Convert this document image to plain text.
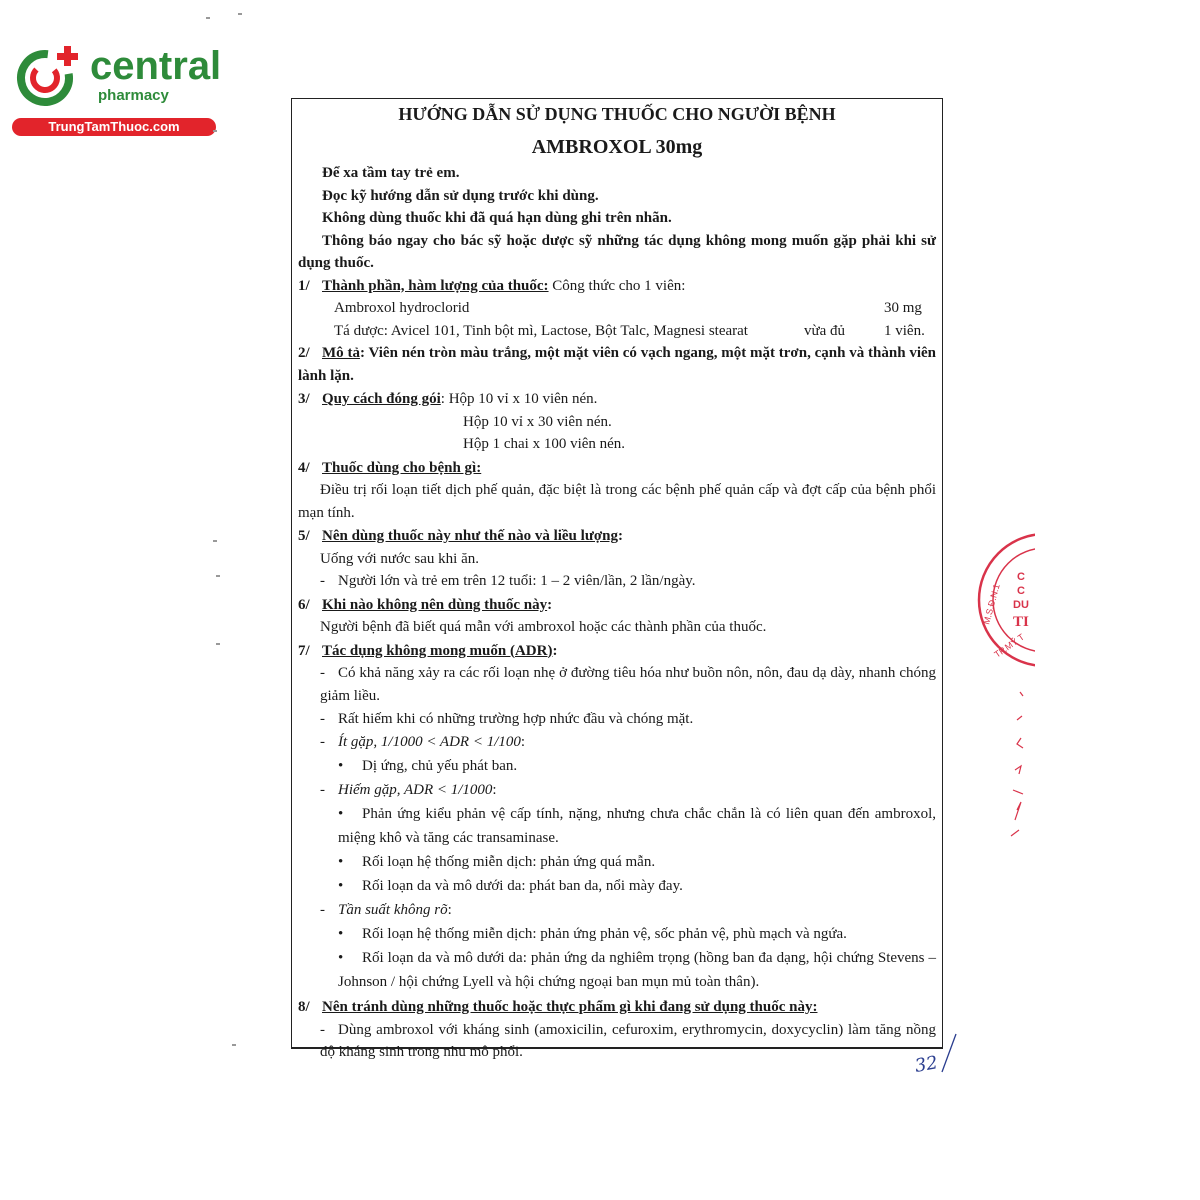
central
pharmacy
TrungTamThuoc.com
HƯỚNG DẪN SỬ DỤNG THUỐC CHO NGƯỜI BỆNH
AMBROXOL 30mg
Để xa tầm tay trẻ em.
Đọc kỹ hướng dẫn sử dụng trước khi dùng.
Không dùng thuốc khi đã quá hạn dùng ghi trên nhãn.
Thông báo ngay cho bác sỹ hoặc dược sỹ những tác dụng không mong muốn gặp phải khi sử dụng thuốc.
1/ Thành phần, hàm lượng của thuốc: Công thức cho 1 viên:
Ambroxol hydroclorid	30 mg
Tá dược: Avicel 101, Tinh bột mì, Lactose, Bột Talc, Magnesi stearat	vừa đủ	1 viên.
2/ Mô tả: Viên nén tròn màu trắng, một mặt viên có vạch ngang, một mặt trơn, cạnh và thành viên lành lặn.
3/ Quy cách đóng gói: Hộp 10 vỉ x 10 viên nén.
Hộp 10 vỉ x 30 viên nén.
Hộp 1 chai x 100 viên nén.
4/ Thuốc dùng cho bệnh gì:
Điều trị rối loạn tiết dịch phế quản, đặc biệt là trong các bệnh phế quản cấp và đợt cấp của bệnh phổi mạn tính.
5/ Nên dùng thuốc này như thế nào và liều lượng:
Uống với nước sau khi ăn.
- Người lớn và trẻ em trên 12 tuổi: 1 – 2 viên/lần, 2 lần/ngày.
6/ Khi nào không nên dùng thuốc này:
Người bệnh đã biết quá mẫn với ambroxol hoặc các thành phần của thuốc.
7/ Tác dụng không mong muốn (ADR):
- Có khả năng xảy ra các rối loạn nhẹ ở đường tiêu hóa như buồn nôn, nôn, đau dạ dày, nhanh chóng giảm liều.
- Rất hiếm khi có những trường hợp nhức đầu và chóng mặt.
- Ít gặp, 1/1000 < ADR < 1/100:
• Dị ứng, chủ yếu phát ban.
- Hiếm gặp, ADR < 1/1000:
• Phản ứng kiểu phản vệ cấp tính, nặng, nhưng chưa chắc chắn là có liên quan đến ambroxol, miệng khô và tăng các transaminase.
• Rối loạn hệ thống miễn dịch: phản ứng quá mẫn.
• Rối loạn da và mô dưới da: phát ban da, nổi mày đay.
- Tần suất không rõ:
• Rối loạn hệ thống miễn dịch: phản ứng phản vệ, sốc phản vệ, phù mạch và ngứa.
• Rối loạn da và mô dưới da: phản ứng da nghiêm trọng (hồng ban đa dạng, hội chứng Stevens – Johnson / hội chứng Lyell và hội chứng ngoại ban mụn mủ toàn thân).
8/ Nên tránh dùng những thuốc hoặc thực phẩm gì khi đang sử dụng thuốc này:
- Dùng ambroxol với kháng sinh (amoxicilin, cefuroxim, erythromycin, doxycyclin) làm tăng nồng độ kháng sinh trong nhu mô phổi.
M.S.Đ.N:1
C
C
DU
TI
TP.MỸ T
32
